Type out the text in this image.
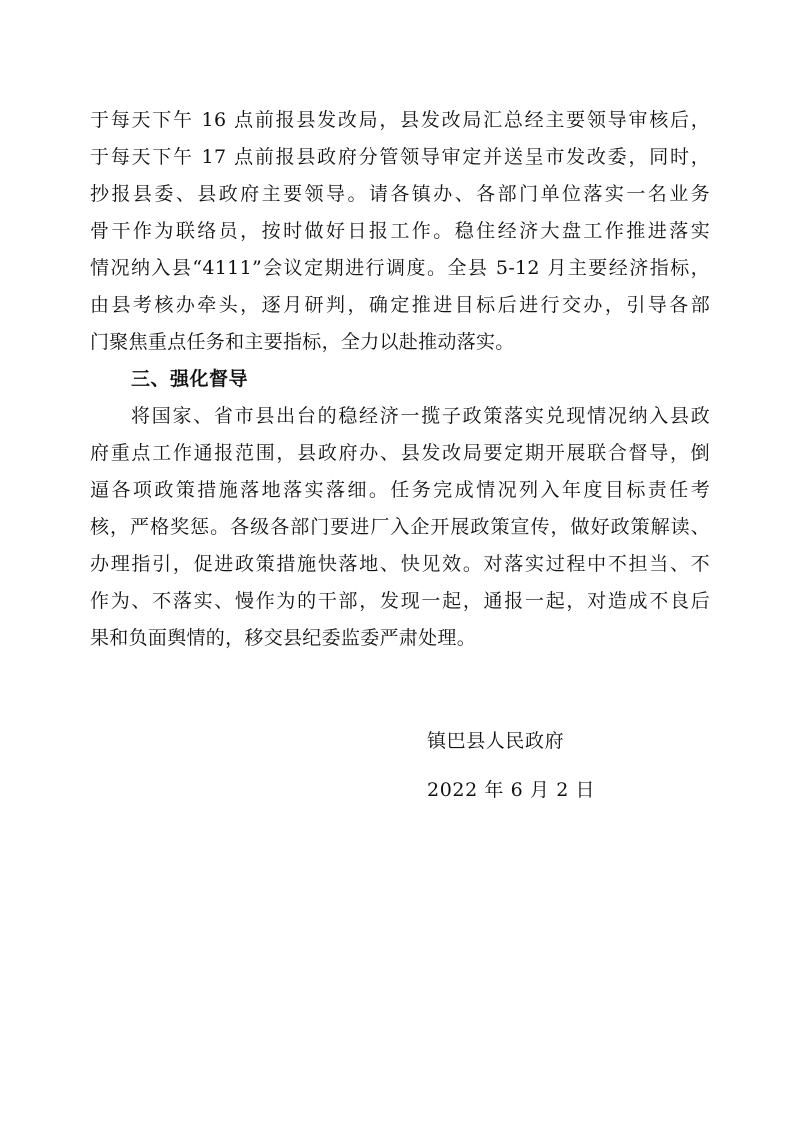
于每天下午 16 点前报县发改局，县发改局汇总经主要领导审核后，
于每天下午 17 点前报县政府分管领导审定并送呈市发改委，同时，
抄报县委、县政府主要领导。请各镇办、各部门单位落实一名业务
骨干作为联络员，按时做好日报工作。稳住经济大盘工作推进落实
情况纳入县“4111”会议定期进行调度。全县 5-12 月主要经济指标，
由县考核办牵头，逐月研判，确定推进目标后进行交办，引导各部
门聚焦重点任务和主要指标，全力以赴推动落实。
三、强化督导
将国家、省市县出台的稳经济一揽子政策落实兑现情况纳入县政
府重点工作通报范围，县政府办、县发改局要定期开展联合督导，倒
逼各项政策措施落地落实落细。任务完成情况列入年度目标责任考
核，严格奖惩。各级各部门要进厂入企开展政策宣传，做好政策解读、
办理指引，促进政策措施快落地、快见效。对落实过程中不担当、不
作为、不落实、慢作为的干部，发现一起，通报一起，对造成不良后
果和负面舆情的，移交县纪委监委严肃处理。
镇巴县人民政府
2022 年 6 月 2 日
